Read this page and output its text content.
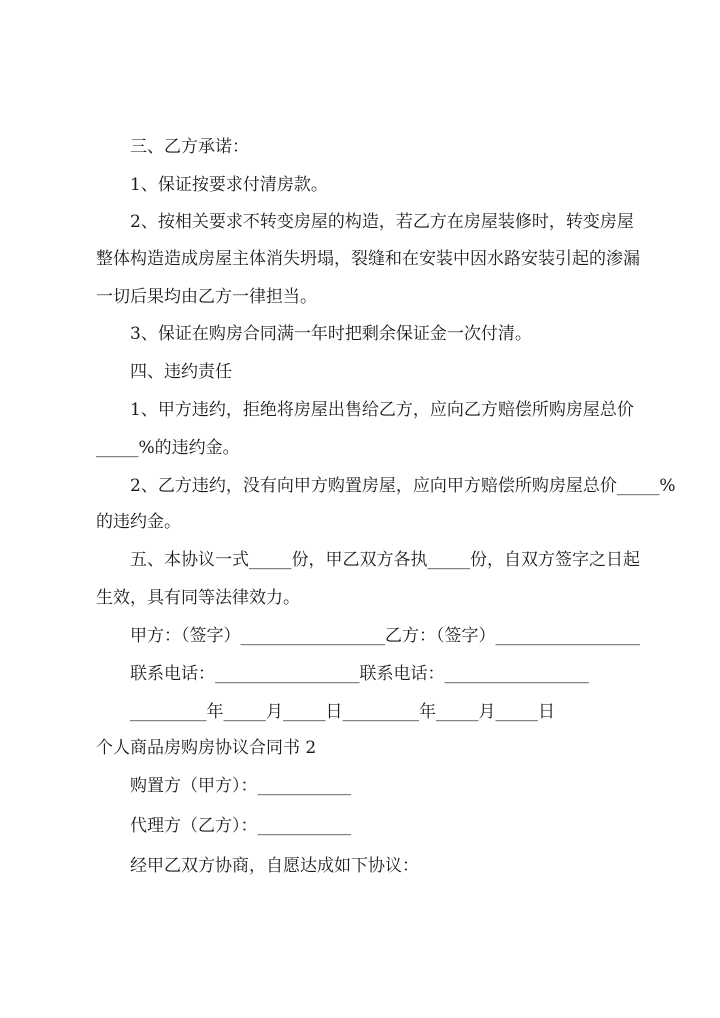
三、乙方承诺：
1、保证按要求付清房款。
2、按相关要求不转变房屋的构造，若乙方在房屋装修时，转变房屋
整体构造造成房屋主体消失坍塌，裂缝和在安装中因水路安装引起的渗漏
一切后果均由乙方一律担当。
3、保证在购房合同满一年时把剩余保证金一次付清。
四、违约责任
1、甲方违约，拒绝将房屋出售给乙方，应向乙方赔偿所购房屋总价
_____%的违约金。
2、乙方违约，没有向甲方购置房屋，应向甲方赔偿所购房屋总价_____%
的违约金。
五、本协议一式_____份，甲乙双方各执_____份，自双方签字之日起
生效，具有同等法律效力。
甲方：（签字）_________________乙方：（签字）_________________
联系电话：_________________联系电话：_________________
_________年_____月_____日_________年_____月_____日
个人商品房购房协议合同书 2
购置方（甲方）：___________
代理方（乙方）：___________
经甲乙双方协商，自愿达成如下协议：
